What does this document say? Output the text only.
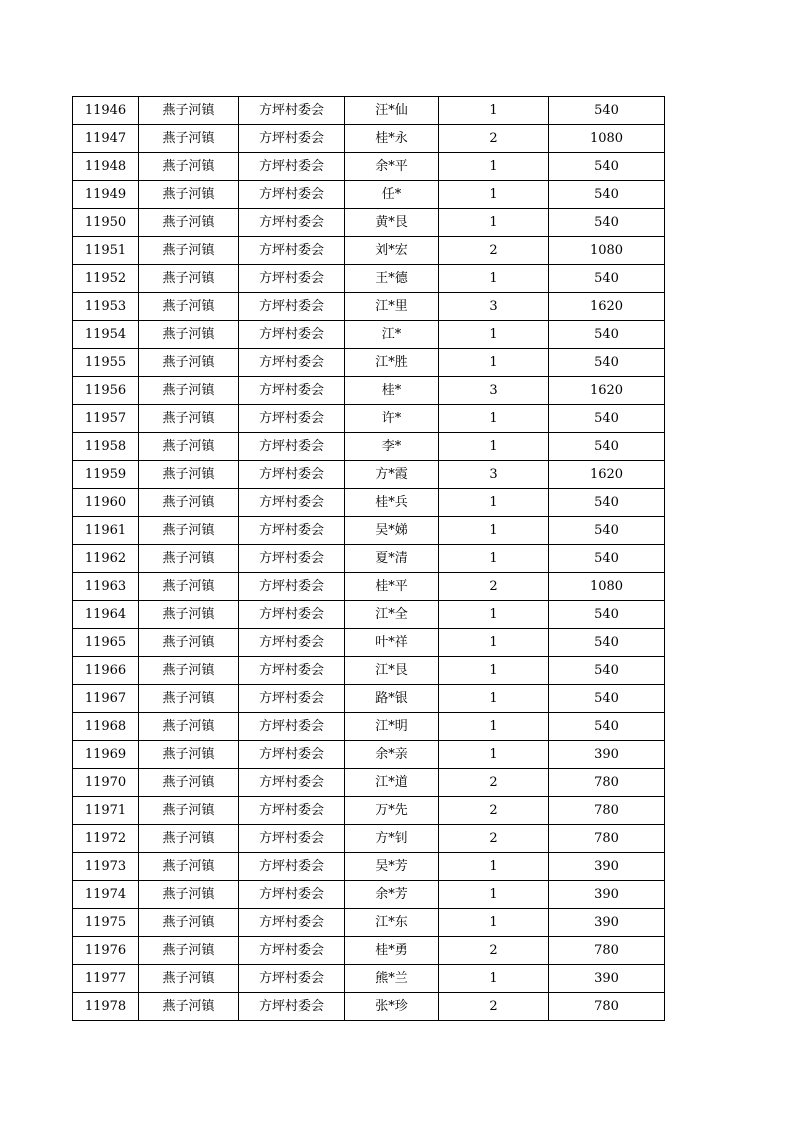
11946	燕子河镇	方坪村委会	汪*仙	1	540
11947	燕子河镇	方坪村委会	桂*永	2	1080
11948	燕子河镇	方坪村委会	余*平	1	540
11949	燕子河镇	方坪村委会	任*	1	540
11950	燕子河镇	方坪村委会	黄*艮	1	540
11951	燕子河镇	方坪村委会	刘*宏	2	1080
11952	燕子河镇	方坪村委会	王*德	1	540
11953	燕子河镇	方坪村委会	江*里	3	1620
11954	燕子河镇	方坪村委会	江*	1	540
11955	燕子河镇	方坪村委会	江*胜	1	540
11956	燕子河镇	方坪村委会	桂*	3	1620
11957	燕子河镇	方坪村委会	许*	1	540
11958	燕子河镇	方坪村委会	李*	1	540
11959	燕子河镇	方坪村委会	方*霞	3	1620
11960	燕子河镇	方坪村委会	桂*兵	1	540
11961	燕子河镇	方坪村委会	吴*娣	1	540
11962	燕子河镇	方坪村委会	夏*清	1	540
11963	燕子河镇	方坪村委会	桂*平	2	1080
11964	燕子河镇	方坪村委会	江*全	1	540
11965	燕子河镇	方坪村委会	叶*祥	1	540
11966	燕子河镇	方坪村委会	江*艮	1	540
11967	燕子河镇	方坪村委会	路*银	1	540
11968	燕子河镇	方坪村委会	江*明	1	540
11969	燕子河镇	方坪村委会	余*亲	1	390
11970	燕子河镇	方坪村委会	江*道	2	780
11971	燕子河镇	方坪村委会	万*先	2	780
11972	燕子河镇	方坪村委会	方*钊	2	780
11973	燕子河镇	方坪村委会	吴*芳	1	390
11974	燕子河镇	方坪村委会	余*芳	1	390
11975	燕子河镇	方坪村委会	江*东	1	390
11976	燕子河镇	方坪村委会	桂*勇	2	780
11977	燕子河镇	方坪村委会	熊*兰	1	390
11978	燕子河镇	方坪村委会	张*珍	2	780
